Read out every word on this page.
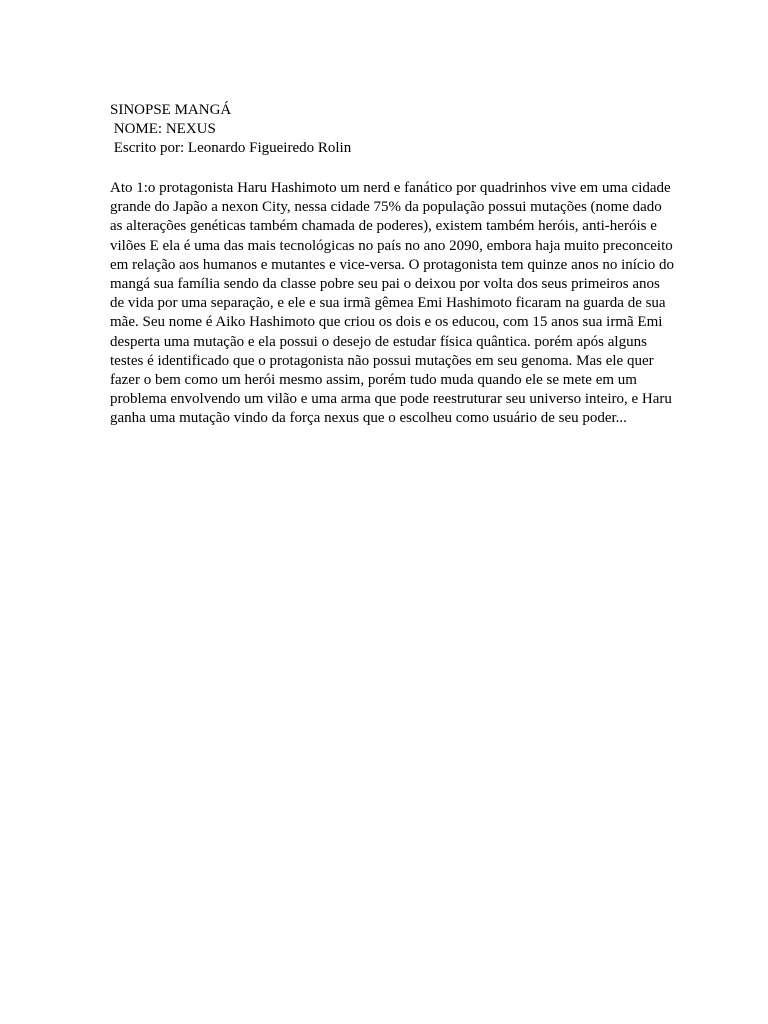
SINOPSE MANGÁ
NOME: NEXUS
Escrito por: Leonardo Figueiredo Rolin

Ato 1:o protagonista Haru Hashimoto um nerd e fanático por quadrinhos vive em uma cidade
grande do Japão a nexon City, nessa cidade 75% da população possui mutações (nome dado
as alterações genéticas também chamada de poderes), existem também heróis, anti-heróis e
vilões E ela é uma das mais tecnológicas no país no ano 2090, embora haja muito preconceito
em relação aos humanos e mutantes e vice-versa. O protagonista tem quinze anos no início do
mangá sua família sendo da classe pobre seu pai o deixou por volta dos seus primeiros anos
de vida por uma separação, e ele e sua irmã gêmea Emi Hashimoto ficaram na guarda de sua
mãe. Seu nome é Aiko Hashimoto que criou os dois e os educou, com 15 anos sua irmã Emi
desperta uma mutação e ela possui o desejo de estudar física quântica. porém após alguns
testes é identificado que o protagonista não possui mutações em seu genoma. Mas ele quer
fazer o bem como um herói mesmo assim, porém tudo muda quando ele se mete em um
problema envolvendo um vilão e uma arma que pode reestruturar seu universo inteiro, e Haru
ganha uma mutação vindo da força nexus que o escolheu como usuário de seu poder...
